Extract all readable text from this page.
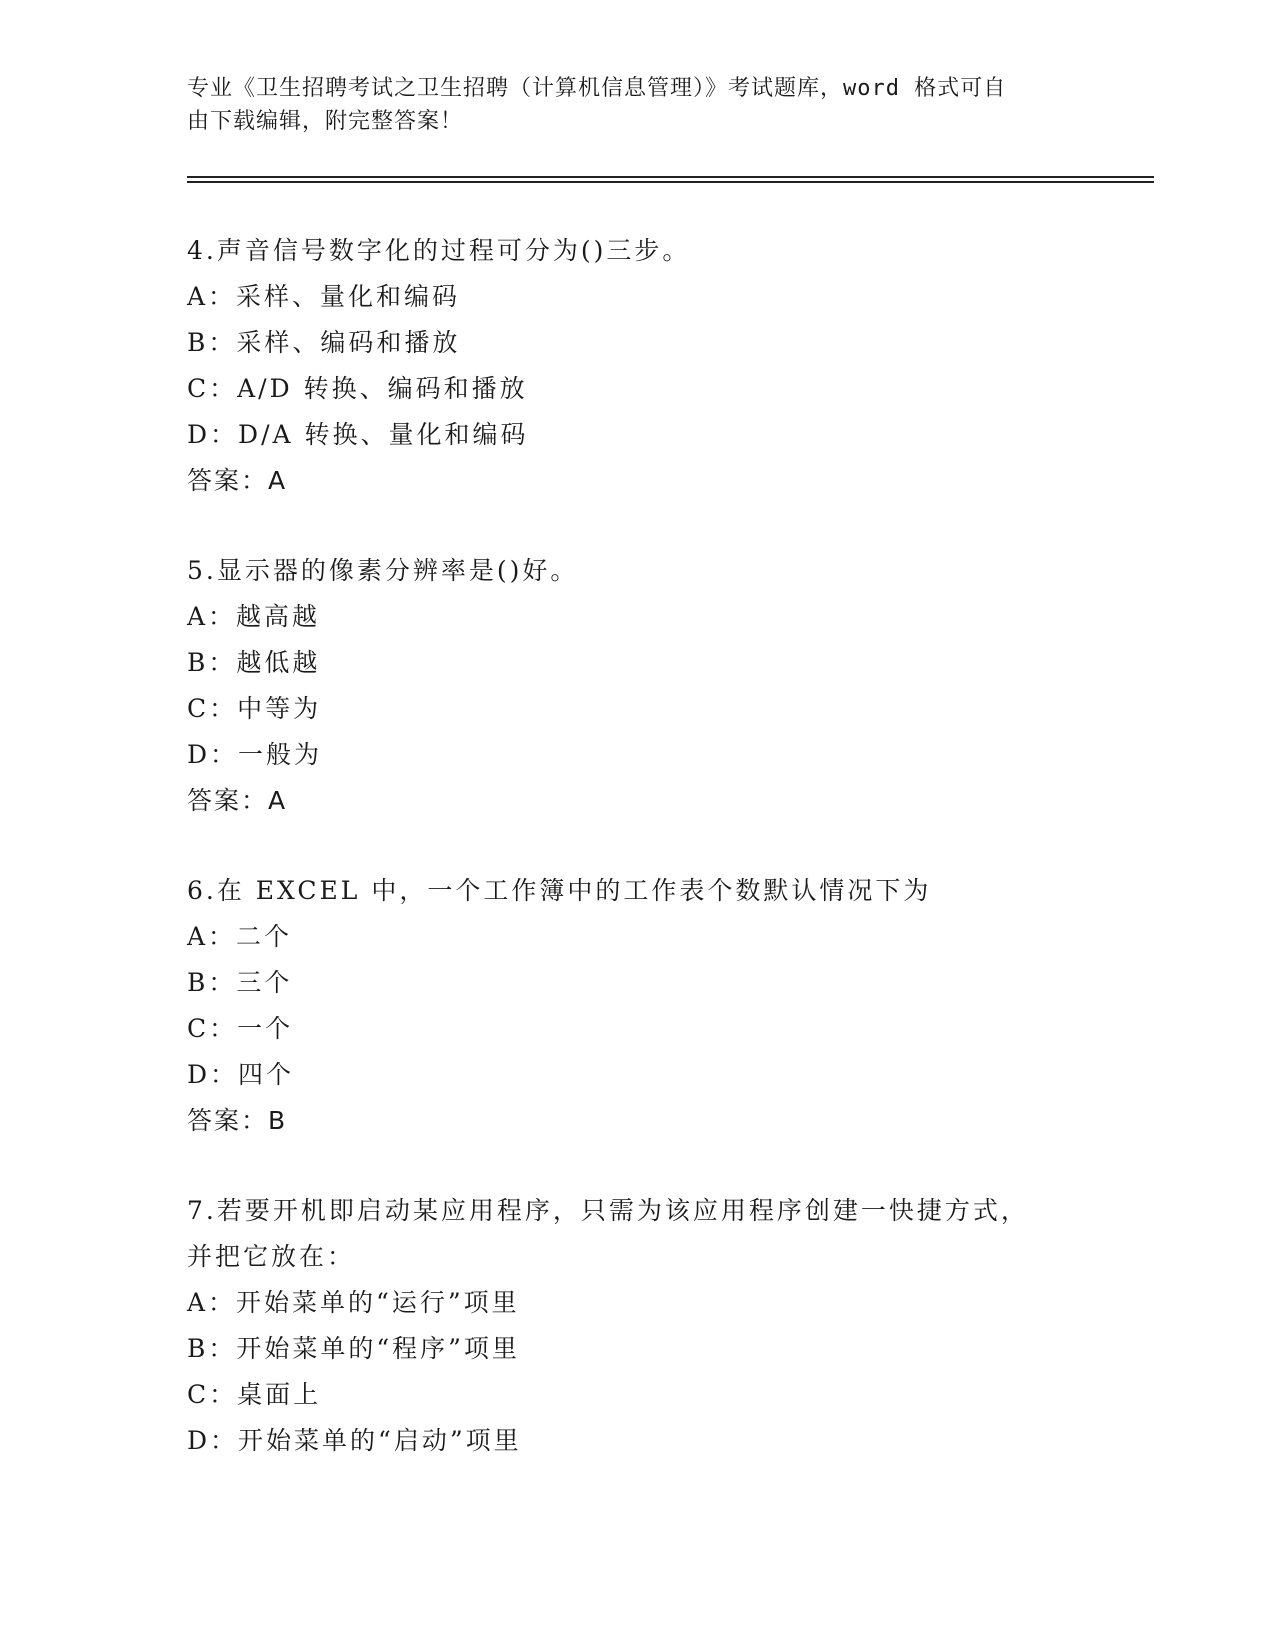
专业《卫生招聘考试之卫生招聘（计算机信息管理）》考试题库，word 格式可自
由下载编辑，附完整答案！
4.声音信号数字化的过程可分为()三步。
A：采样、量化和编码
B：采样、编码和播放
C：A/D 转换、编码和播放
D：D/A 转换、量化和编码
答案：A
5.显示器的像素分辨率是()好。
A：越高越
B：越低越
C：中等为
D：一般为
答案：A
6.在 EXCEL 中，一个工作簿中的工作表个数默认情况下为
A：二个
B：三个
C：一个
D：四个
答案：B
7.若要开机即启动某应用程序，只需为该应用程序创建一快捷方式，
并把它放在：
A：开始菜单的“运行”项里
B：开始菜单的“程序”项里
C：桌面上
D：开始菜单的“启动”项里
